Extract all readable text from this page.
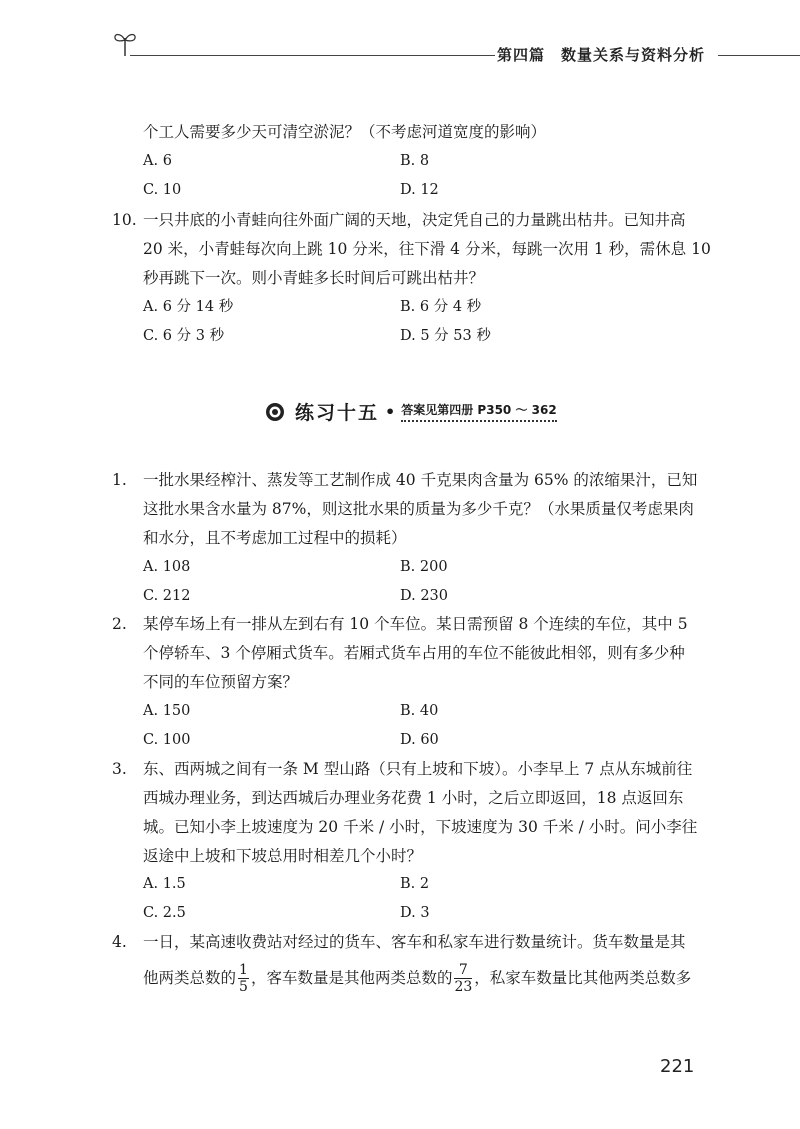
第四篇　数量关系与资料分析
个工人需要多少天可清空淤泥？（不考虑河道宽度的影响）
A. 6	B. 8
C. 10	D. 12
10. 一只井底的小青蛙向往外面广阔的天地，决定凭自己的力量跳出枯井。已知井高
20 米，小青蛙每次向上跳 10 分米，往下滑 4 分米，每跳一次用 1 秒，需休息 10
秒再跳下一次。则小青蛙多长时间后可跳出枯井？
A. 6 分 14 秒	B. 6 分 4 秒
C. 6 分 3 秒	D. 5 分 53 秒
练习十五 • 答案见第四册 P350 ～ 362
1. 一批水果经榨汁、蒸发等工艺制作成 40 千克果肉含量为 65% 的浓缩果汁，已知
这批水果含水量为 87%，则这批水果的质量为多少千克？（水果质量仅考虑果肉
和水分，且不考虑加工过程中的损耗）
A. 108	B. 200
C. 212	D. 230
2. 某停车场上有一排从左到右有 10 个车位。某日需预留 8 个连续的车位，其中 5
个停轿车、3 个停厢式货车。若厢式货车占用的车位不能彼此相邻，则有多少种
不同的车位预留方案？
A. 150	B. 40
C. 100	D. 60
3. 东、西两城之间有一条 M 型山路（只有上坡和下坡）。小李早上 7 点从东城前往
西城办理业务，到达西城后办理业务花费 1 小时，之后立即返回，18 点返回东
城。已知小李上坡速度为 20 千米 / 小时，下坡速度为 30 千米 / 小时。问小李往
返途中上坡和下坡总用时相差几个小时？
A. 1.5	B. 2
C. 2.5	D. 3
4. 一日，某高速收费站对经过的货车、客车和私家车进行数量统计。货车数量是其
他两类总数的 $\frac{1}{5}$ ，客车数量是其他两类总数的 $\frac{7}{23}$ ，私家车数量比其他两类总数多
221
